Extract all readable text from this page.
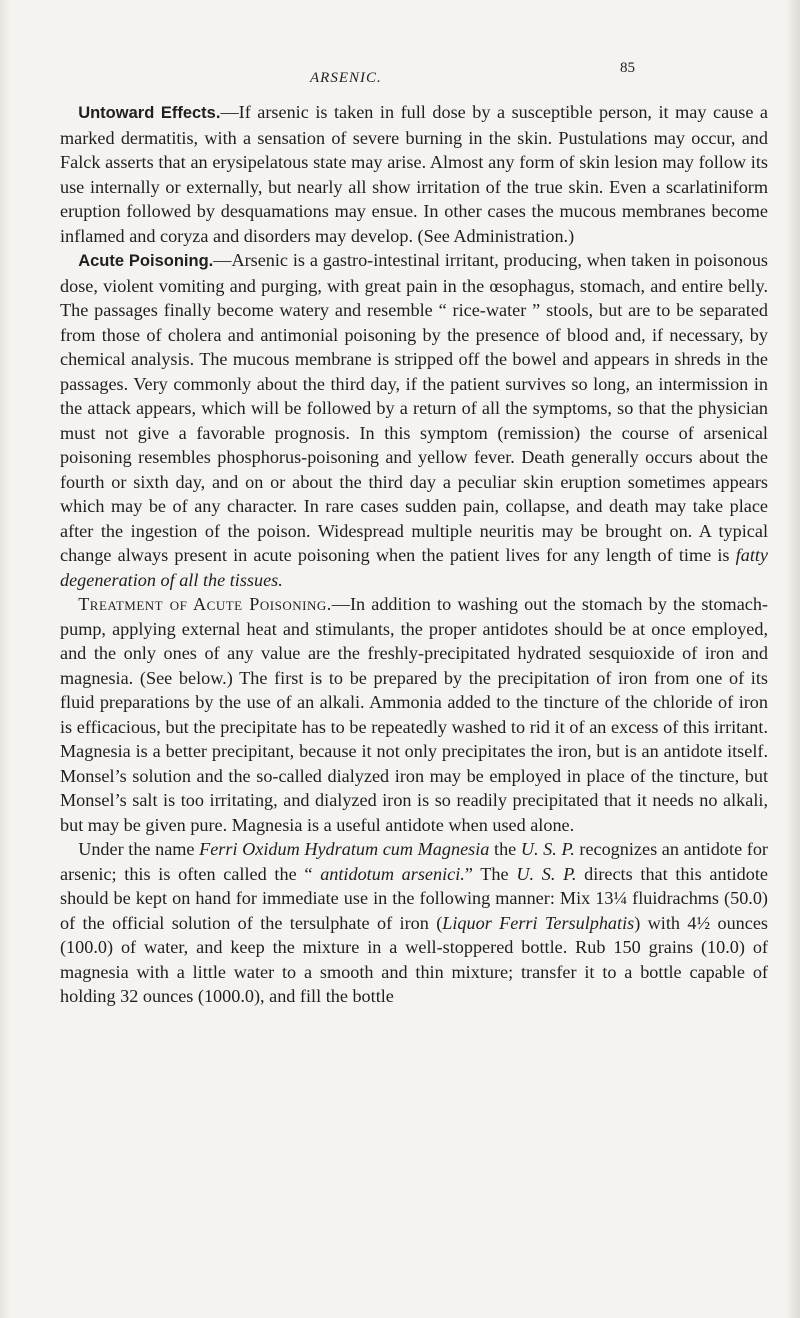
ARSENIC.
85

Untoward Effects.—If arsenic is taken in full dose by a susceptible person, it may cause a marked dermatitis, with a sensation of severe burning in the skin. Pustulations may occur, and Falck asserts that an erysipelatous state may arise. Almost any form of skin lesion may follow its use internally or externally, but nearly all show irritation of the true skin. Even a scarlatiniform eruption followed by desquamations may ensue. In other cases the mucous membranes become inflamed and coryza and disorders may develop. (See Administration.)

Acute Poisoning.—Arsenic is a gastro-intestinal irritant, producing, when taken in poisonous dose, violent vomiting and purging, with great pain in the œsophagus, stomach, and entire belly. The passages finally become watery and resemble “ rice-water ” stools, but are to be separated from those of cholera and antimonial poisoning by the presence of blood and, if necessary, by chemical analysis. The mucous membrane is stripped off the bowel and appears in shreds in the passages. Very commonly about the third day, if the patient survives so long, an intermission in the attack appears, which will be followed by a return of all the symptoms, so that the physician must not give a favorable prognosis. In this symptom (remission) the course of arsenical poisoning resembles phosphorus-poisoning and yellow fever. Death generally occurs about the fourth or sixth day, and on or about the third day a peculiar skin eruption sometimes appears which may be of any character. In rare cases sudden pain, collapse, and death may take place after the ingestion of the poison. Widespread multiple neuritis may be brought on. A typical change always present in acute poisoning when the patient lives for any length of time is fatty degeneration of all the tissues.

Treatment of Acute Poisoning.—In addition to washing out the stomach by the stomach-pump, applying external heat and stimulants, the proper antidotes should be at once employed, and the only ones of any value are the freshly-precipitated hydrated sesquioxide of iron and magnesia. (See below.) The first is to be prepared by the precipitation of iron from one of its fluid preparations by the use of an alkali. Ammonia added to the tincture of the chloride of iron is efficacious, but the precipitate has to be repeatedly washed to rid it of an excess of this irritant. Magnesia is a better precipitant, because it not only precipitates the iron, but is an antidote itself. Monsel’s solution and the so-called dialyzed iron may be employed in place of the tincture, but Monsel’s salt is too irritating, and dialyzed iron is so readily precipitated that it needs no alkali, but may be given pure. Magnesia is a useful antidote when used alone.

Under the name Ferri Oxidum Hydratum cum Magnesia the U. S. P. recognizes an antidote for arsenic; this is often called the “ antidotum arsenici.” The U. S. P. directs that this antidote should be kept on hand for immediate use in the following manner: Mix 13¼ fluidrachms (50.0) of the official solution of the tersulphate of iron (Liquor Ferri Tersulphatis) with 4½ ounces (100.0) of water, and keep the mixture in a well-stoppered bottle. Rub 150 grains (10.0) of magnesia with a little water to a smooth and thin mixture; transfer it to a bottle capable of holding 32 ounces (1000.0), and fill the bottle
